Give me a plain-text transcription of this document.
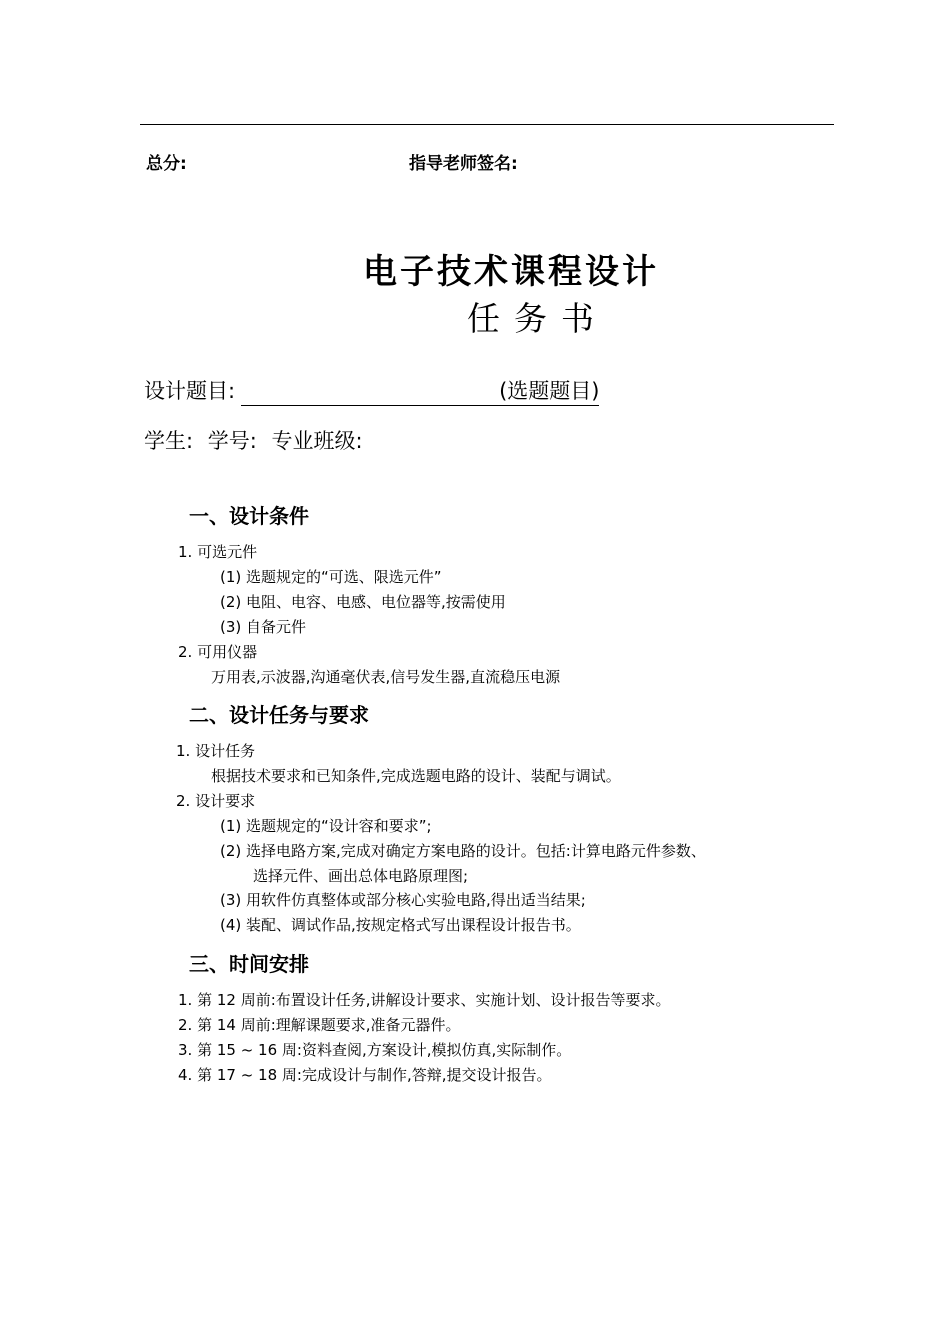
总分:	指导老师签名:
电子技术课程设计
任务书
设计题目:	(选题题目)
学生: 学号: 专业班级:
一、设计条件
1. 可选元件
(1) 选题规定的“可选、限选元件”
(2) 电阻、电容、电感、电位器等,按需使用
(3) 自备元件
2. 可用仪器
万用表,示波器,沟通毫伏表,信号发生器,直流稳压电源
二、设计任务与要求
1. 设计任务
根据技术要求和已知条件,完成选题电路的设计、装配与调试。
2. 设计要求
(1) 选题规定的“设计容和要求”;
(2) 选择电路方案,完成对确定方案电路的设计。包括:计算电路元件参数、
选择元件、画出总体电路原理图;
(3) 用软件仿真整体或部分核心实验电路,得出适当结果;
(4) 装配、调试作品,按规定格式写出课程设计报告书。
三、时间安排
1. 第 12 周前:布置设计任务,讲解设计要求、实施计划、设计报告等要求。
2. 第 14 周前:理解课题要求,准备元器件。
3. 第 15 ~ 16 周:资料查阅,方案设计,模拟仿真,实际制作。
4. 第 17 ~ 18 周:完成设计与制作,答辩,提交设计报告。
